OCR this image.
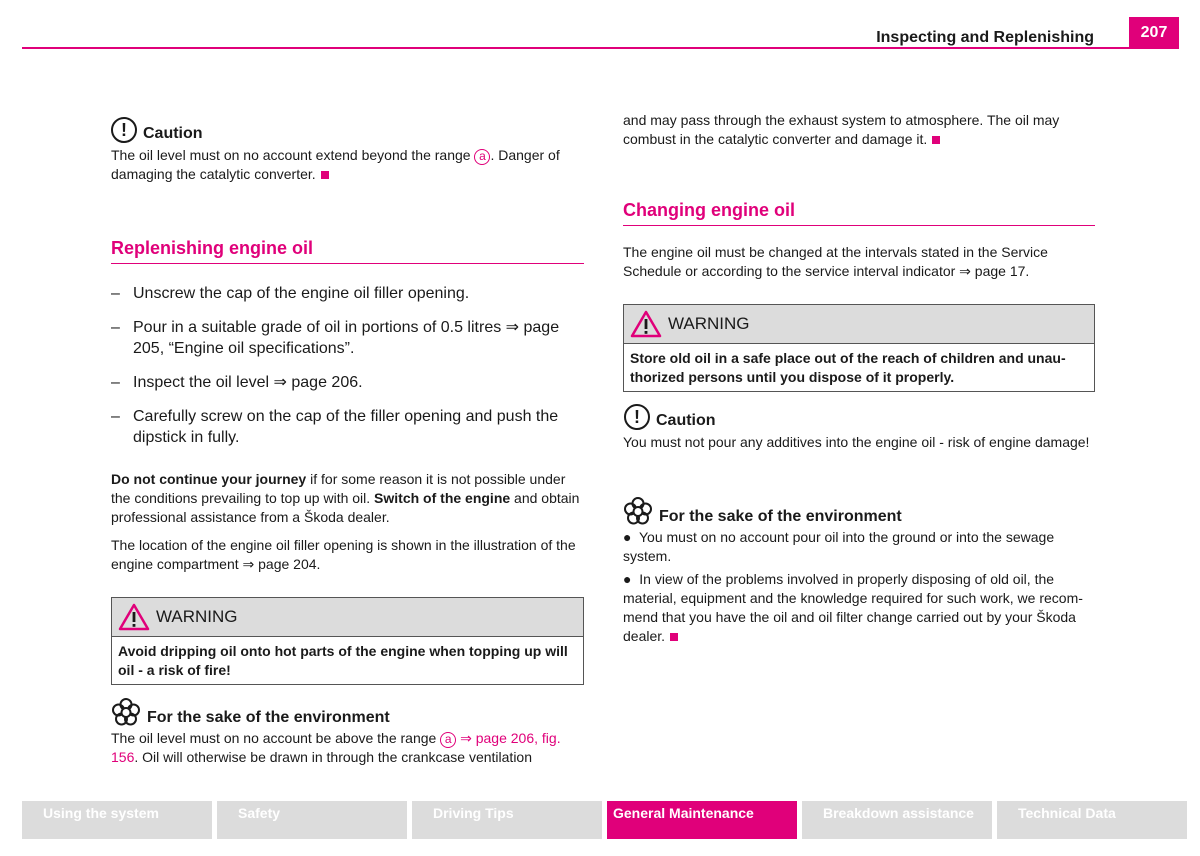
Inspecting and Replenishing	207
!	Caution

The oil level must on no account extend beyond the range a . Danger of damaging the catalytic converter.

Replenishing engine oil
– Unscrew the cap of the engine oil filler opening.
– Pour in a suitable grade of oil in portions of 0.5 litres ⇒ page 205, “Engine oil specifications”.
– Inspect the oil level ⇒ page 206.
– Carefully screw on the cap of the filler opening and push the dipstick in fully.

Do not continue your journey if for some reason it is not possible under the conditions prevailing to top up with oil. Switch of the engine and obtain professional assistance from a Škoda dealer.

The location of the engine oil filler opening is shown in the illustration of the engine compartment ⇒ page 204.

WARNING
Avoid dripping oil onto hot parts of the engine when topping up will oil - a risk of fire!
For the sake of the environment

The oil level must on no account be above the range a ⇒ page 206, fig. 156. Oil will otherwise be drawn in through the crankcase ventilation

and may pass through the exhaust system to atmosphere. The oil may combust in the catalytic converter and damage it.

Changing engine oil

The engine oil must be changed at the intervals stated in the Service Schedule or according to the service interval indicator ⇒ page 17.

WARNING
Store old oil in a safe place out of the reach of children and unau-thorized persons until you dispose of it properly.
!	Caution

You must not pour any additives into the engine oil - risk of engine damage!

For the sake of the environment

● You must on no account pour oil into the ground or into the sewage system.

● In view of the problems involved in properly disposing of old oil, the material, equipment and the knowledge required for such work, we recom-mend that you have the oil and oil filter change carried out by your Škoda dealer.

Using the system	Safety	Driving Tips	General Maintenance	Breakdown assistance	Technical Data
